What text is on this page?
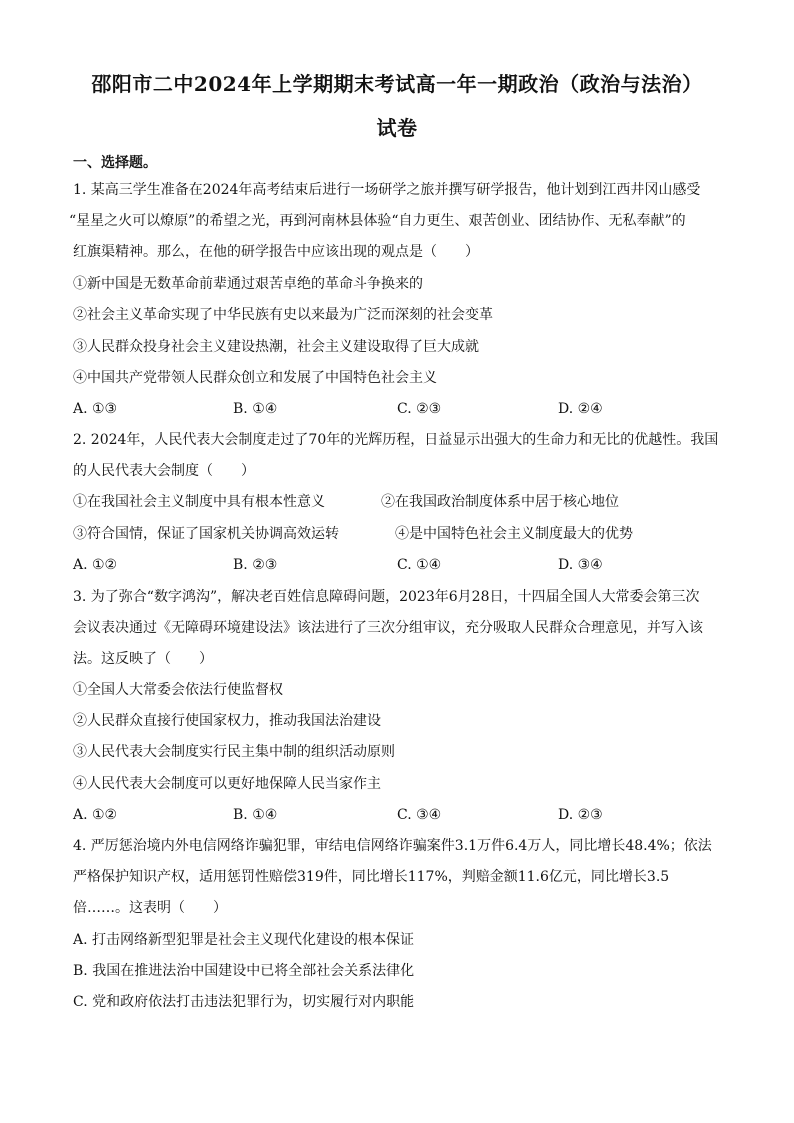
邵阳市二中2024年上学期期末考试高一年一期政治（政治与法治）
试卷
一、选择题。
1. 某高三学生准备在2024年高考结束后进行一场研学之旅并撰写研学报告，他计划到江西井冈山感受
“星星之火可以燎原”的希望之光，再到河南林县体验“自力更生、艰苦创业、团结协作、无私奉献”的
红旗渠精神。那么，在他的研学报告中应该出现的观点是（　　）
①新中国是无数革命前辈通过艰苦卓绝的革命斗争换来的
②社会主义革命实现了中华民族有史以来最为广泛而深刻的社会变革
③人民群众投身社会主义建设热潮，社会主义建设取得了巨大成就
④中国共产党带领人民群众创立和发展了中国特色社会主义
A. ①③	B. ①④	C. ②③	D. ②④
2. 2024年，人民代表大会制度走过了70年的光辉历程，日益显示出强大的生命力和无比的优越性。我国
的人民代表大会制度（　　）
①在我国社会主义制度中具有根本性意义	②在我国政治制度体系中居于核心地位
③符合国情，保证了国家机关协调高效运转	④是中国特色社会主义制度最大的优势
A. ①②	B. ②③	C. ①④	D. ③④
3. 为了弥合“数字鸿沟”，解决老百姓信息障碍问题，2023年6月28日，十四届全国人大常委会第三次
会议表决通过《无障碍环境建设法》该法进行了三次分组审议，充分吸取人民群众合理意见，并写入该
法。这反映了（　　）
①全国人大常委会依法行使监督权
②人民群众直接行使国家权力，推动我国法治建设
③人民代表大会制度实行民主集中制的组织活动原则
④人民代表大会制度可以更好地保障人民当家作主
A. ①②	B. ①④	C. ③④	D. ②③
4. 严厉惩治境内外电信网络诈骗犯罪，审结电信网络诈骗案件3.1万件6.4万人，同比增长48.4%；依法
严格保护知识产权，适用惩罚性赔偿319件，同比增长117%，判赔金额11.6亿元，同比增长3.5
倍……。这表明（　　）
A. 打击网络新型犯罪是社会主义现代化建设的根本保证
B. 我国在推进法治中国建设中已将全部社会关系法律化
C. 党和政府依法打击违法犯罪行为，切实履行对内职能
